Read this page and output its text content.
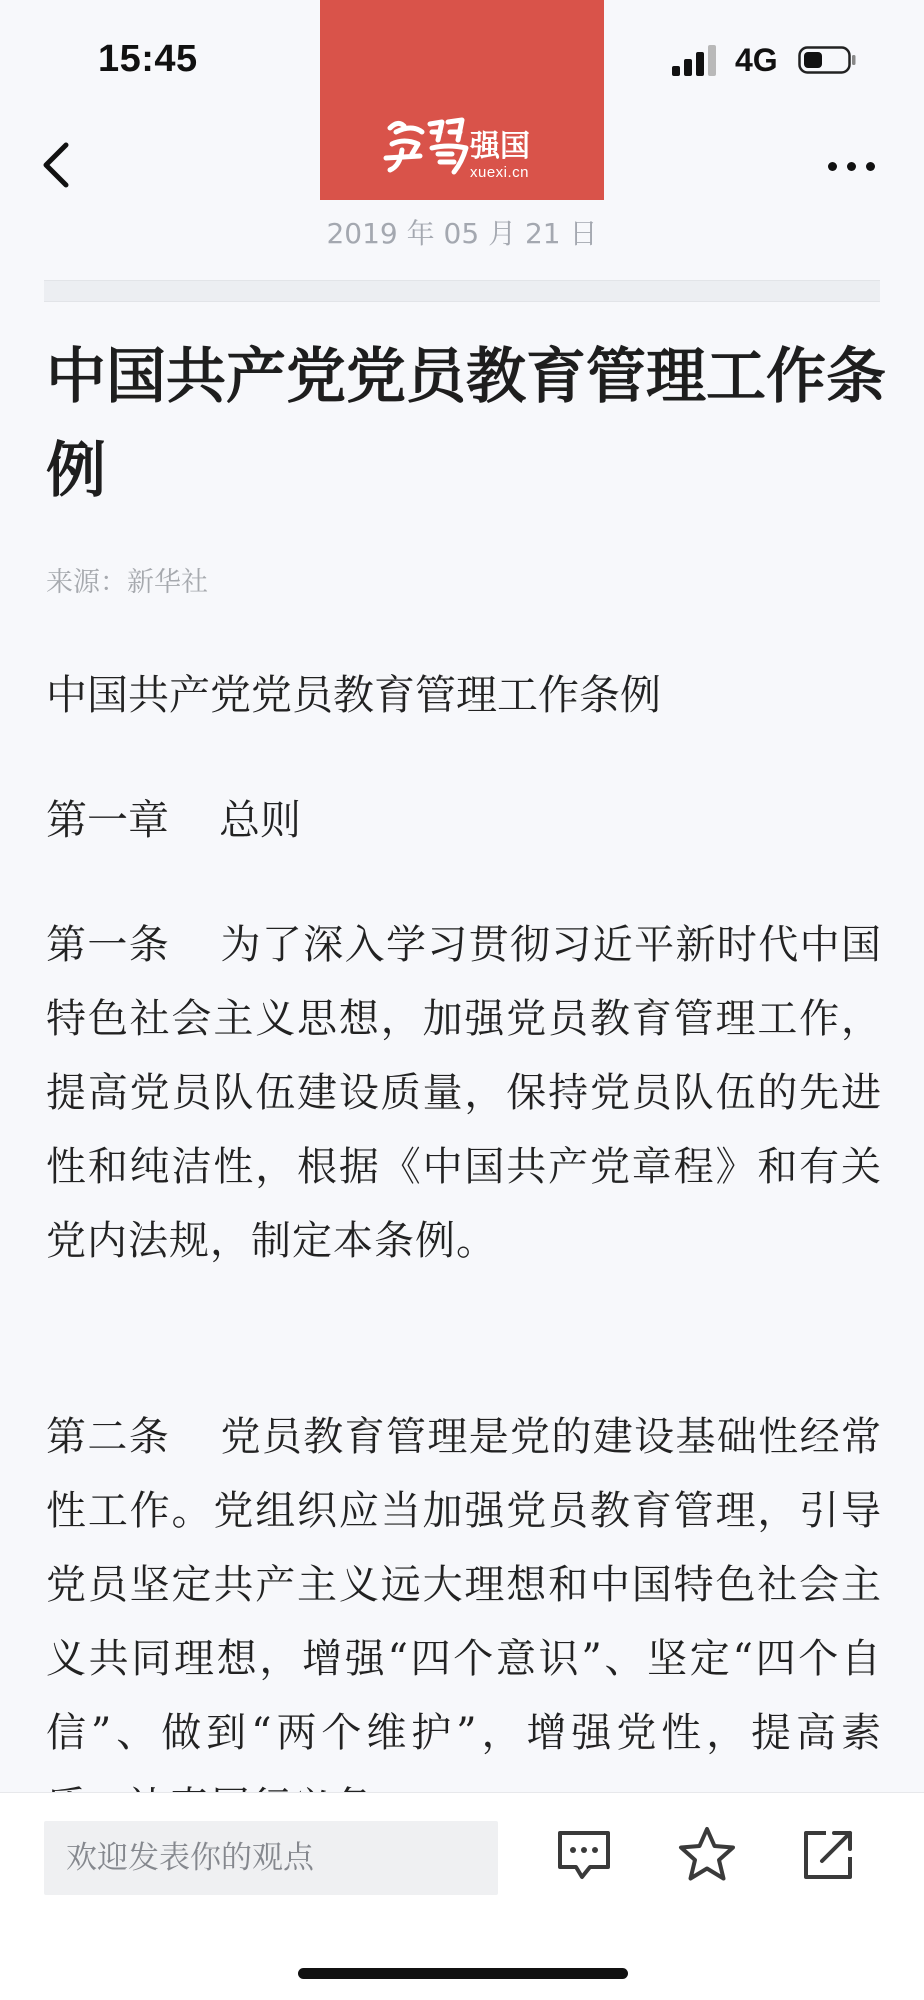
15:45	4G
强国
xuexi.cn
2019 年 05 月 21 日
中国共产党党员教育管理工作条例
来源：新华社
中国共产党党员教育管理工作条例
第一章 总则

第一条 为了深入学习贯彻习近平新时代中国特色社会主义思想，加强党员教育管理工作，提高党员队伍建设质量，保持党员队伍的先进性和纯洁性，根据《中国共产党章程》和有关党内法规，制定本条例。

第二条 党员教育管理是党的建设基础性经常性工作。党组织应当加强党员教育管理，引导党员坚定共产主义远大理想和中国特色社会主义共同理想，增强“四个意识”、坚定“四个自信”、做到“两个维护”，增强党性，提高素

欢迎发表你的观点
